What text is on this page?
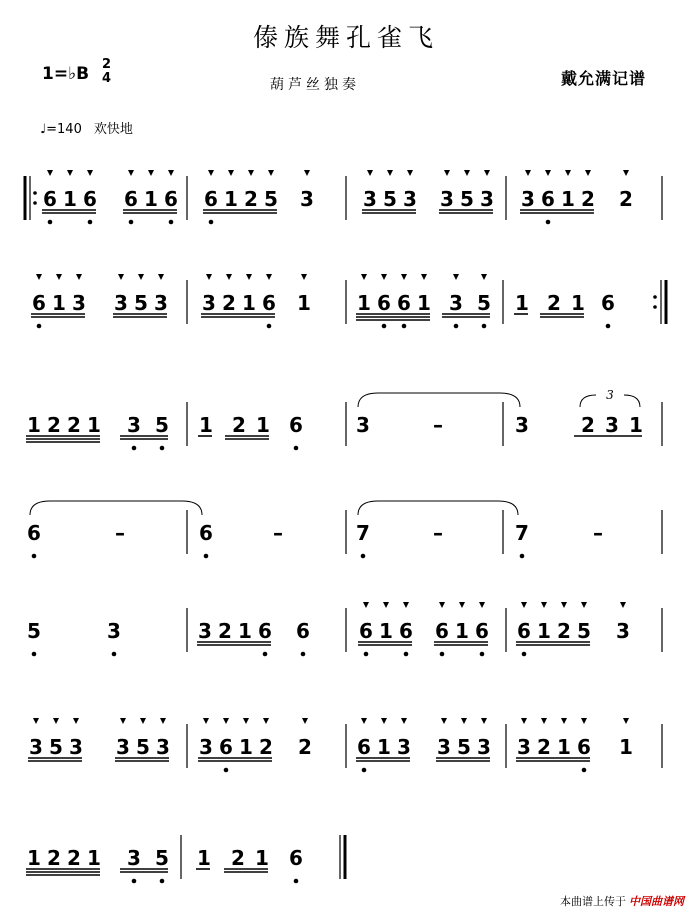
傣族舞孔雀飞
1=♭B 2
4	葫芦丝独奏	戴允满记谱
♩=140 欢快地
本曲谱上传于 中国曲谱网
6 1 6 6 1 6 6 1 2 5 3 3 5 3 3 5 3 3 6 1 2 2
6 1 3 3 5 3 3 2 1 6 1 1 6 6 1 3 5 1 2 1 6
1 2 2 1 3 5 1 2 1 6	3	–	3	2 3 1
3
6	–	6	–	7	–	7	–
5	3	3 2 1 6 6 6 1 6 6 1 6 6 1 2 5 3
3 5 3 3 5 3 3 6 1 2 2 6 1 3 3 5 3 3 2 1 6 1
1 2 2 1 3 5 1 2 1 6
